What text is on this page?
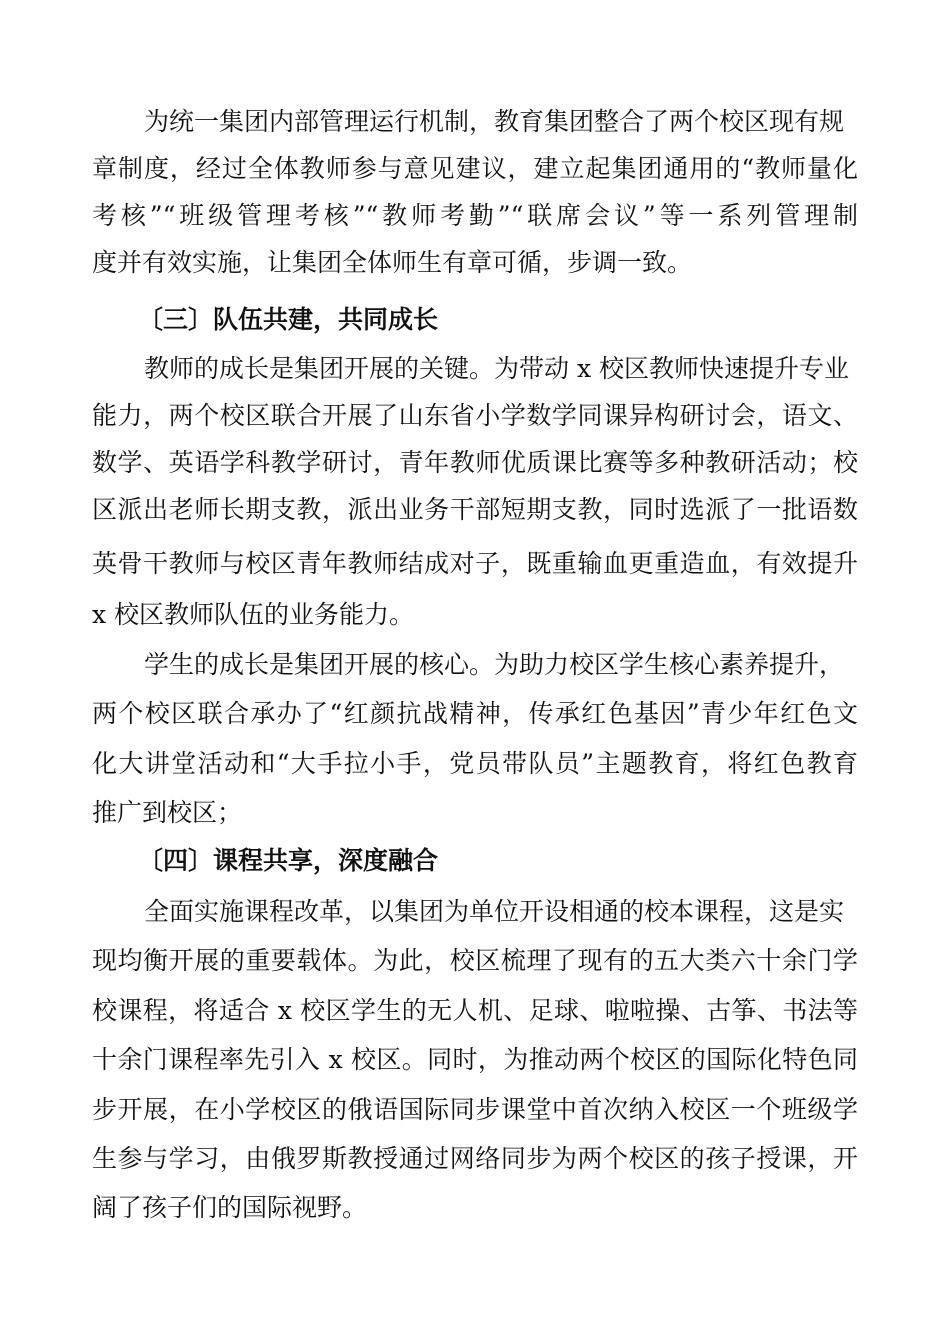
为统一集团内部管理运行机制，教育集团整合了两个校区现有规
章制度，经过全体教师参与意见建议，建立起集团通用的“教师量化
考核”“班级管理考核”“教师考勤”“联席会议”等一系列管理制
度并有效实施，让集团全体师生有章可循，步调一致。
〔三〕队伍共建，共同成长
教师的成长是集团开展的关键。为带动 x 校区教师快速提升专业
能力，两个校区联合开展了山东省小学数学同课异构研讨会，语文、
数学、英语学科教学研讨，青年教师优质课比赛等多种教研活动；校
区派出老师长期支教，派出业务干部短期支教，同时选派了一批语数
英骨干教师与校区青年教师结成对子，既重输血更重造血，有效提升
x 校区教师队伍的业务能力。
学生的成长是集团开展的核心。为助力校区学生核心素养提升，
两个校区联合承办了“红颜抗战精神，传承红色基因”青少年红色文
化大讲堂活动和“大手拉小手，党员带队员”主题教育，将红色教育
推广到校区；
〔四〕课程共享，深度融合
全面实施课程改革，以集团为单位开设相通的校本课程，这是实
现均衡开展的重要载体。为此，校区梳理了现有的五大类六十余门学
校课程，将适合 x 校区学生的无人机、足球、啦啦操、古筝、书法等
十余门课程率先引入 x 校区。同时，为推动两个校区的国际化特色同
步开展，在小学校区的俄语国际同步课堂中首次纳入校区一个班级学
生参与学习，由俄罗斯教授通过网络同步为两个校区的孩子授课，开
阔了孩子们的国际视野。
